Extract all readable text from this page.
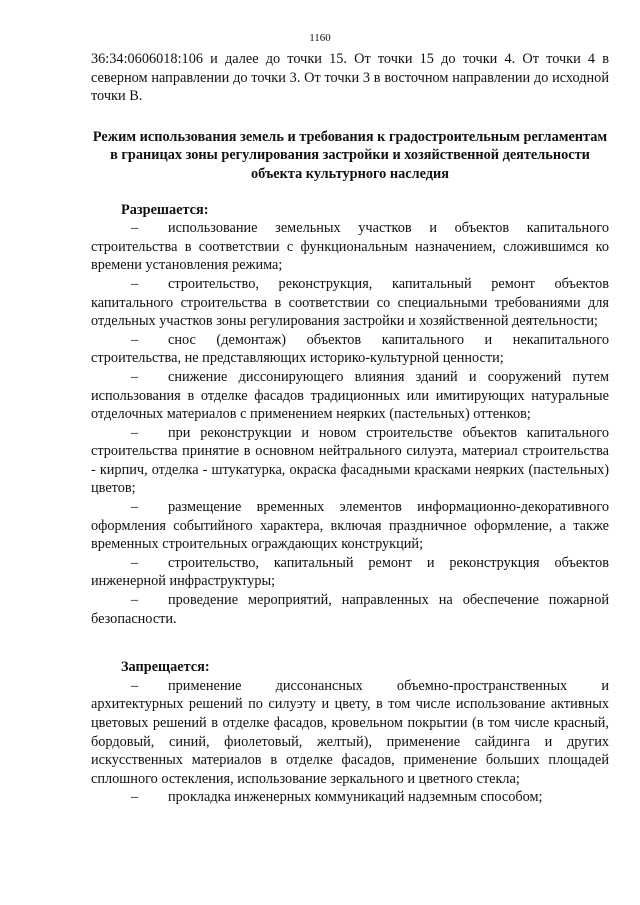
1160

36:34:0606018:106 и далее до точки 15. От точки 15 до точки 4. От точки 4 в северном направлении до точки 3. От точки 3 в восточном направлении до исходной точки В.

Режим использования земель и требования к градостроительным регламентам в границах зоны регулирования застройки и хозяйственной деятельности объекта культурного наследия

Разрешается:

– использование земельных участков и объектов капитального строительства в соответствии с функциональным назначением, сложившимся ко времени установления режима;

– строительство, реконструкция, капитальный ремонт объектов капитального строительства в соответствии со специальными требованиями для отдельных участков зоны регулирования застройки и хозяйственной деятельности;

– снос (демонтаж) объектов капитального и некапитального строительства, не представляющих историко-культурной ценности;

– снижение диссонирующего влияния зданий и сооружений путем использования в отделке фасадов традиционных или имитирующих натуральные отделочных материалов с применением неярких (пастельных) оттенков;

– при реконструкции и новом строительстве объектов капитального строительства принятие в основном нейтрального силуэта, материал строительства - кирпич, отделка - штукатурка, окраска фасадными красками неярких (пастельных) цветов;

– размещение временных элементов информационно-декоративного оформления событийного характера, включая праздничное оформление, а также временных строительных ограждающих конструкций;

– строительство, капитальный ремонт и реконструкция объектов инженерной инфраструктуры;

– проведение мероприятий, направленных на обеспечение пожарной безопасности.

Запрещается:

– применение диссонансных объемно-пространственных и архитектурных решений по силуэту и цвету, в том числе использование активных цветовых решений в отделке фасадов, кровельном покрытии (в том числе красный, бордовый, синий, фиолетовый, желтый), применение сайдинга и других искусственных материалов в отделке фасадов, применение больших площадей сплошного остекления, использование зеркального и цветного стекла;

– прокладка инженерных коммуникаций надземным способом;
